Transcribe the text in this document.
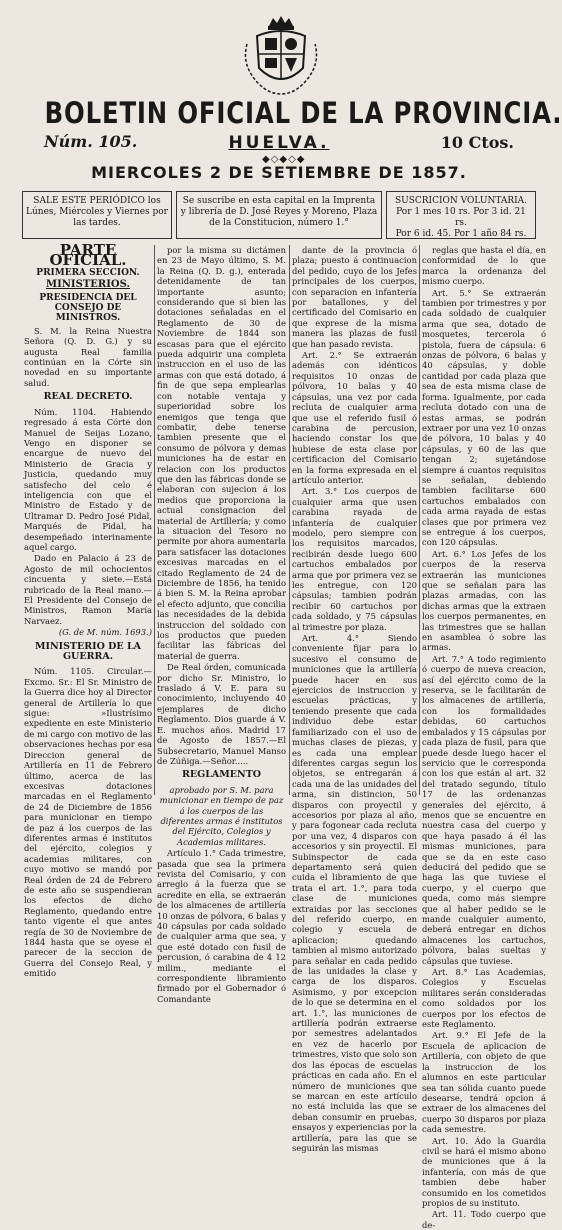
BOLETIN OFICIAL DE LA PROVINCIA.
Núm. 105.	HUELVA.	10 Ctos.
◆◇◆◇◆
MIERCOLES 2 DE SETIEMBRE DE 1857.
SALE ESTE PERIÓDICO los Lúnes, Miércoles y Viernes por las tardes.
Se suscribe en esta capital en la Imprenta y librería de D. José Reyes y Moreno, Plaza de la Constitucion, número 1.°
SUSCRICION VOLUNTARIA.
Por 1 mes 10 rs. Por 3 id. 21 rs.
Por 6 id. 45. Por 1 año 84 rs.
PARTE OFICIAL.
PRIMERA SECCION.
MINISTERIOS.
PRESIDENCIA DEL CONSEJO DE MINISTROS.

S. M. la Reina Nuestra Señora (Q. D. G.) y su augusta Real familia continúan en la Córte sin novedad en su importante salud.

REAL DECRETO.

Núm. 1104. Habiendo regresado á esta Córte don Manuel de Seijas Lozano, Vengo en disponer se encargue de nuevo del Ministerio de Gracia y Justicia, quedando muy satisfecho del celo é inteligencia con que el Ministro de Estado y de Ultramar D. Pedro José Pidal, Marqués de Pidal, ha desempeñado interinamente aquel cargo.

Dado en Palacio á 23 de Agosto de mil ochocientos cincuenta y siete.—Está rubricado de la Real mano.—El Presidente del Consejo de Ministros, Ramon María Narvaez.

(G. de M. núm. 1693.)

MINISTERIO DE LA GUERRA.

Núm. 1105. Circular.—Excmo. Sr.: El Sr. Ministro de la Guerra dice hoy al Director general de Artillería lo que sigue: »Ilustrísimo expediente en este Ministerio de mi cargo con motivo de las observaciones hechas por esa Direccion general de Artillería en 11 de Febrero último, acerca de las excesivas dotaciones marcadas en el Reglamento de 24 de Diciembre de 1856 para municionar en tiempo de paz á los cuerpos de las diferentes armas é institutos del ejército, colegios y academias militares, con cuyo motivo se mandó por Real órden de 24 de Febrero de este año se suspendieran los efectos de dicho Reglamento, quedando entre tanto vigente el que antes regía de 30 de Noviembre de 1844 hasta que se oyese el parecer de la seccion de Guerra del Consejo Real, y emitido

por la misma su dictámen en 23 de Mayo último, S. M. la Reina (Q. D. g.), enterada detenidamente de tan importante asunto; considerando que si bien las dotaciones señaladas en el Reglamento de 30 de Noviembre de 1844 son escasas para que el ejército pueda adquirir una completa instruccion en el uso de las armas con que está dotado, á fin de que sepa emplearlas con notable ventaja y superioridad sobre los enemigos que tenga que combatir, debe tenerse tambien presente que el consumo de pólvora y demas municiones ha de estar en relacion con los productos que den las fábricas donde se elaboran con sujecion á los medios que proporciona la actual consignacion del material de Artillería; y como la situacion del Tesoro no permite por ahora aumentarla para satisfacer las dotaciones excesivas marcadas en el citado Reglamento de 24 de Diciembre de 1856, ha tenido á bien S. M. la Reina aprobar el efecto adjunto, que concilia las necesidades de la debida instruccion del soldado con los productos que pueden facilitar las fábricas del material de guerra.

De Real órden, comunicada por dicho Sr. Ministro, lo traslado á V. E. para su conocimiento, incluyendo 40 ejemplares de dicho Reglamento. Dios guarde á V. E. muchos años. Madrid 17 de Agosto de 1857.—El Subsecretario, Manuel Manso de Zúñiga.—Señor.....

REGLAMENTO

aprobado por S. M. para municionar en tiempo de paz á los cuerpos de las diferentes armas é institutos del Ejército, Colegios y Academias militares.

Artículo 1.° Cada trimestre, pasada que sea la primera revista del Comisario, y con arreglo á la fuerza que se acredite en ella, se extraerán de los almacenes de artillería 10 onzas de pólvora, 6 balas y 40 cápsulas por cada soldado de cualquier arma que sea, y que esté dotado con fusil de percusion, ó carabina de 4 12 milim., mediante el correspondiente libramiento firmado por el Gobernador ó Comandante

dante de la provincia ó plaza; puesto á continuacion del pedido, cuyo de los Jefes principales de los cuerpos, con separacion en infantería por batallones, y del certificado del Comisario en que exprese de la misma manera las plazas de fusil que han pasado revista.

Art. 2.° Se extraerán además con idénticos requisitos 10 onzas de pólvora, 10 balas y 40 cápsulas, una vez por cada recluta de cualquier arma que use el referido fusil ó carabina de percusion, haciendo constar los que hubiese de esta clase por certificacion del Comisario en la forma expresada en el artículo anterior.

Art. 3.° Los cuerpos de cualquier arma que usen carabina rayada de infantería de cualquier modelo, pero siempre con los requisitos marcados, recibirán desde luego 600 cartuchos embalados por arma que por primera vez se les entregue, con 120 cápsulas; tambien podrán recibir 60 cartuchos por cada soldado, y 75 cápsulas al trimestre por plaza.

Art. 4.° Siendo conveniente fijar para lo sucesivo el consumo de municiones que la artillería puede hacer en sus ejercicios de instruccion y escuelas prácticas, y teniendo presente que cada individuo debe estar familiarizado con el uso de muchas clases de piezas, y es cada una emplear diferentes cargas segun los objetos, se entregarán á cada una de las unidades del arma, sin distincion, 50 disparos con proyectil y accesorios por plaza al año, y para fogonear cada recluta por una vez, 4 disparos con accesorios y sin proyectil. El Subinspector de cada departamento será quien cuida el libramiento de que trata el art. 1.°, para toda clase de municiones extraidas por las secciones del referido cuerpo, en colegio y escuela de aplicacion; quedando tambien al mismo autorizado para señalar en cada pedido de las unidades la clase y carga de los disparos. Asimismo, y por excepcion de lo que se determina en el art. 1.°, las municiones de artillería podrán extraerse por semestres adelantados en vez de hacerlo por trimestres, visto que solo son dos las épocas de escuelas prácticas en cada año. En el número de municiones que se marcan en este artículo no está incluida las que se deban consumir en pruebas, ensayos y experiencias por la artillería, para las que se seguirán las mismas

reglas que hasta el día, en conformidad de lo que marca la ordenanza del mismo cuerpo.

Art. 5.° Se extraerán tambien por trimestres y por cada soldado de cualquier arma que sea, dotado de mosquetes, tercerola ó pistola, fuera de cápsula: 6 onzas de pólvora, 6 balas y 40 cápsulas, y doble cantidad por cada plaza que sea de esta misma clase de forma. Igualmente, por cada recluta dotado con una de estas armas, se podrán extraer por una vez 10 onzas de pólvora, 10 balas y 40 cápsulas, y 60 de las que tengan 2; sujetándose siempre á cuantos requisitos se señalan, debiendo tambien facilitarse 600 cartuchos embalados con cada arma rayada de estas clases que por primera vez se entregue á los cuerpos, con 120 cápsulas.

Art. 6.° Los Jefes de los cuerpos de la reserva extraerán las municiones que se señalan para las plazas armadas, con las dichas armas que la extraen los cuerpos permanentes, en las trimestres que se hallan en asamblea ó sobre las armas.

Art. 7.° A todo regimiento ó cuerpo de nueva creacion, así del ejército como de la reserva, se le facilitarán de los almacenes de artillería, con los formalidades debidas, 60 cartuchos embalados y 15 cápsulas por cada plaza de fusil, para que puede desde luego hacer el servicio que le corresponda con los que están al art. 32 del tratado segundo, título 17 de las ordenanzas generales del ejército, á menos que se encuentre en nuestra casa del cuerpo y que haya pasado á él las mismas municiones, para que se da en este caso deducirá del pedido que se haga las que tuviese el cuerpo, y el cuerpo que queda, como más siempre que al haber pedido se le mande cualquier aumento, deberá entregar en dichos almacenes los cartuchos, pólvora, balas sueltas y cápsulas que tuviese.

Art. 8.° Las Academias, Colegios y Escuelas militares serán consideradas como soldados por los cuerpos por los efectos de este Reglamento.

Art. 9.° El Jefe de la Escuela de aplicacion de Artillería, con objeto de que la instruccion de los alumnos en este particular sea tan sólida cuanto puede desearse, tendrá opcion á extraer de los almacenes del cuerpo 30 disparos por plaza cada semestre.

Art. 10. Ádo la Guardia civil se hará el mismo abono de municiones que á la infantería, con más de que tambien debe haber consumido en los cometidos propios de su instituto.

Art. 11. Todo cuerpo que de-
